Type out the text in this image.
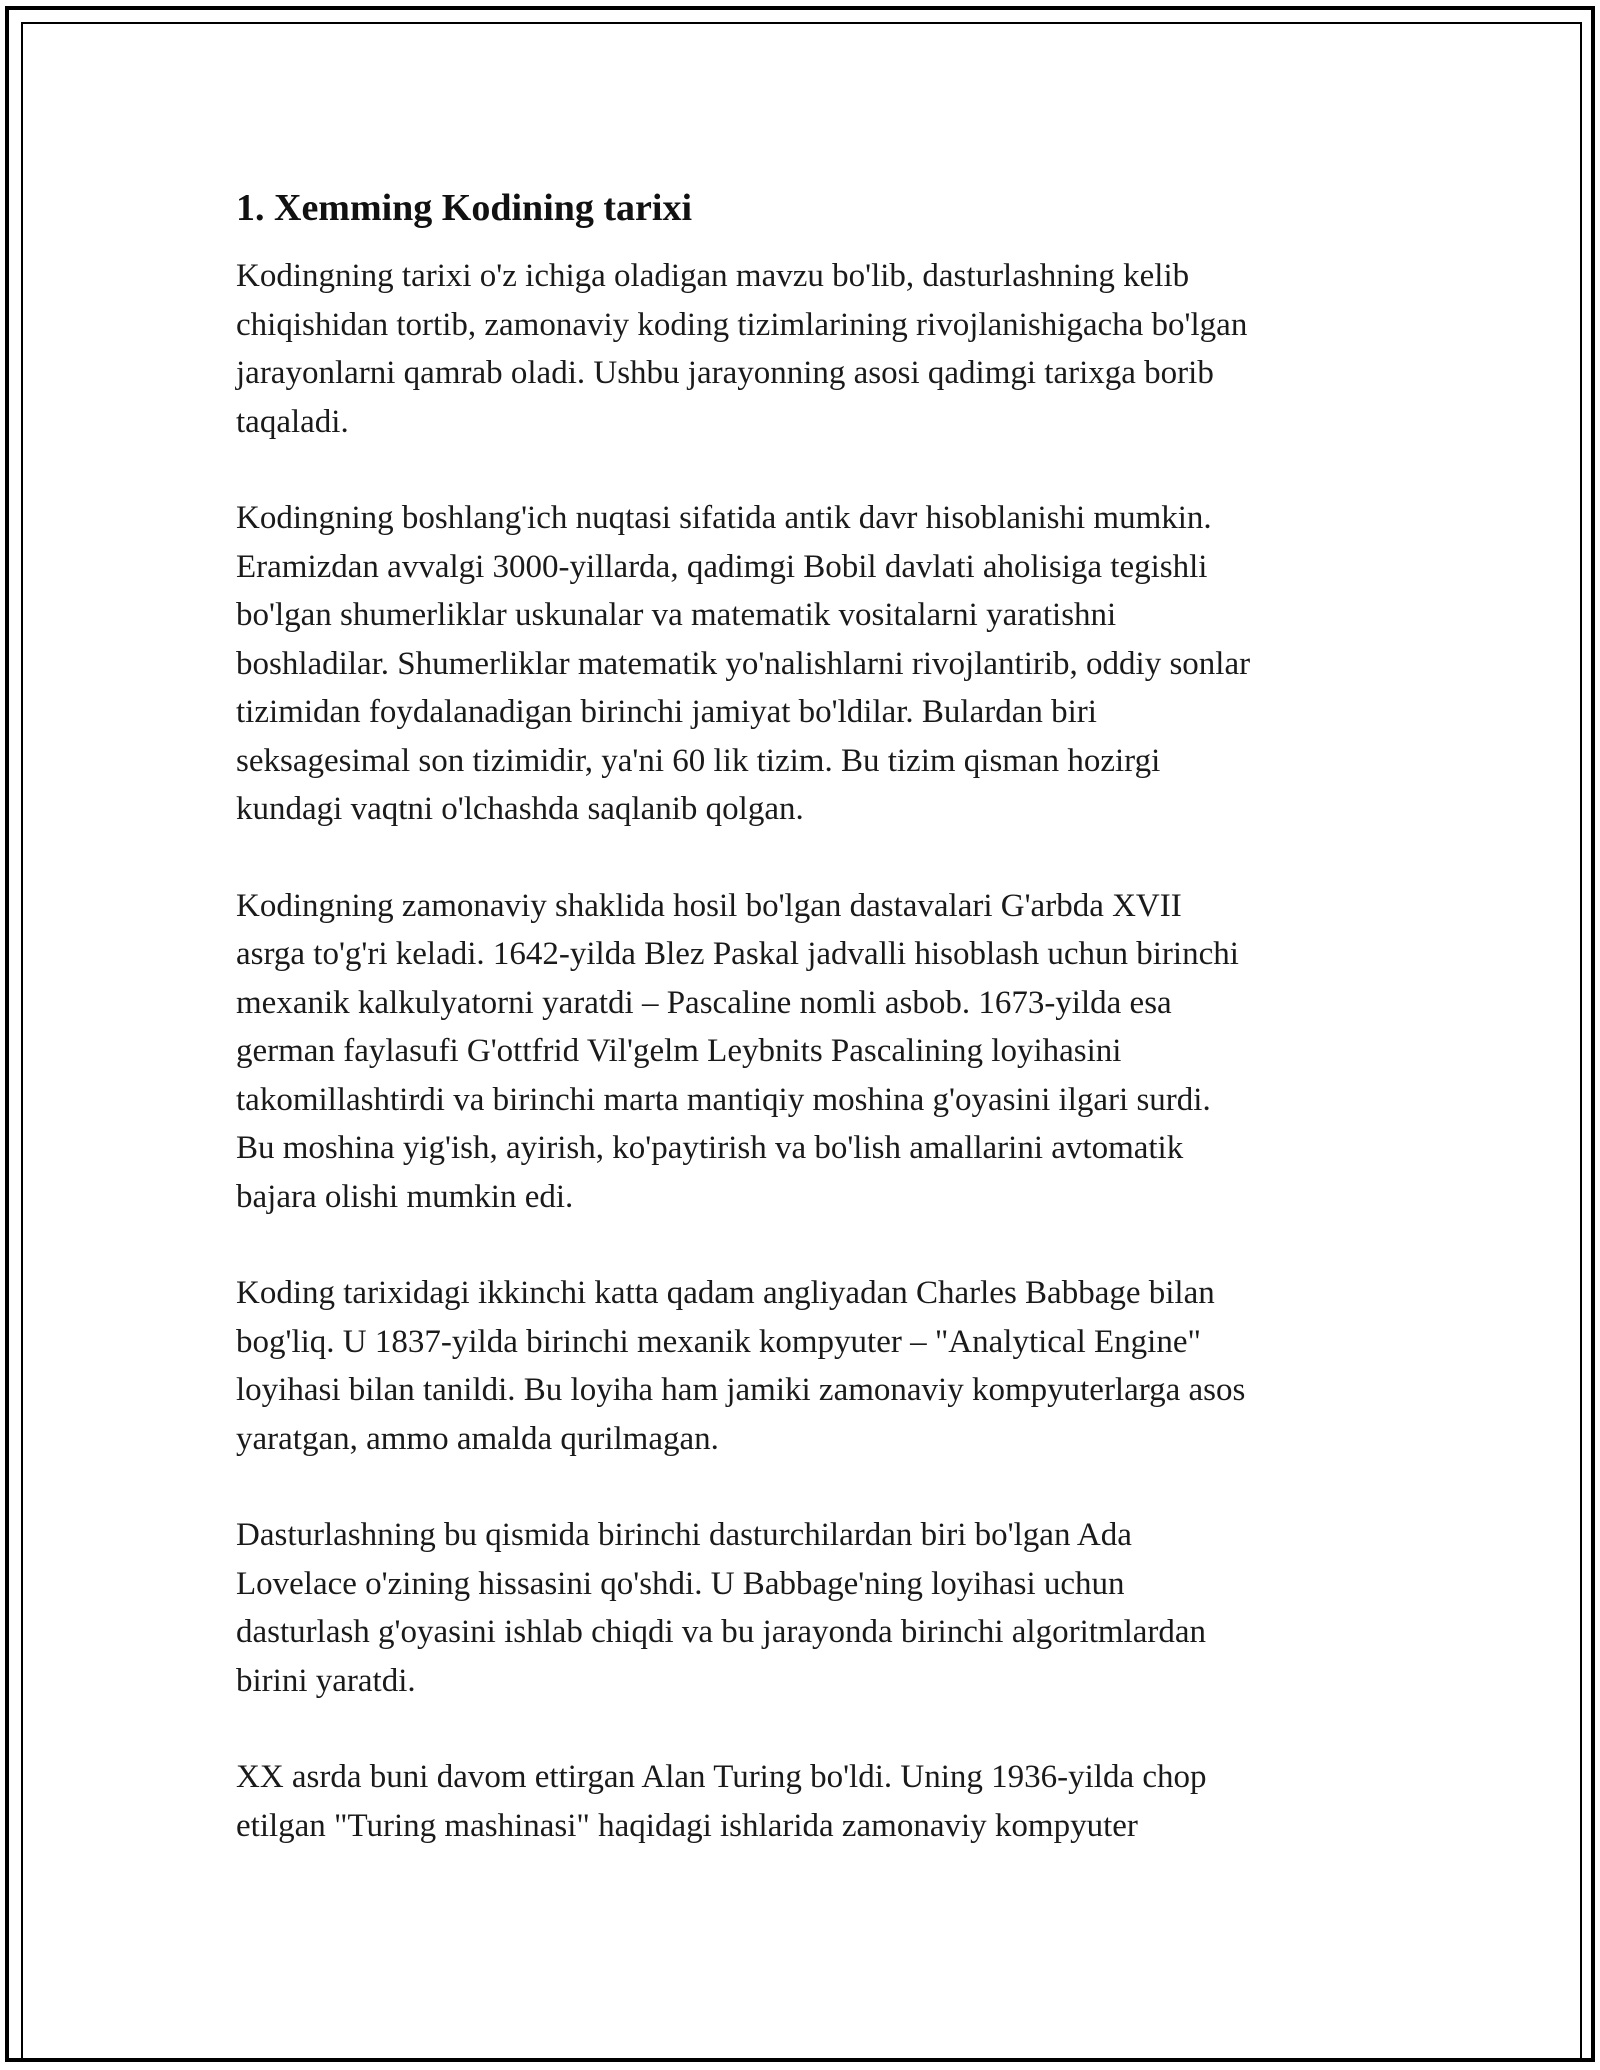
1. Xemming Kodining tarixi

Kodingning tarixi o'z ichiga oladigan mavzu bo'lib, dasturlashning kelib
chiqishidan tortib, zamonaviy koding tizimlarining rivojlanishigacha bo'lgan
jarayonlarni qamrab oladi. Ushbu jarayonning asosi qadimgi tarixga borib
taqaladi.

Kodingning boshlang'ich nuqtasi sifatida antik davr hisoblanishi mumkin.
Eramizdan avvalgi 3000-yillarda, qadimgi Bobil davlati aholisiga tegishli
bo'lgan shumerliklar uskunalar va matematik vositalarni yaratishni
boshladilar. Shumerliklar matematik yo'nalishlarni rivojlantirib, oddiy sonlar
tizimidan foydalanadigan birinchi jamiyat bo'ldilar. Bulardan biri
seksagesimal son tizimidir, ya'ni 60 lik tizim. Bu tizim qisman hozirgi
kundagi vaqtni o'lchashda saqlanib qolgan.

Kodingning zamonaviy shaklida hosil bo'lgan dastavalari G'arbda XVII
asrga to'g'ri keladi. 1642-yilda Blez Paskal jadvalli hisoblash uchun birinchi
mexanik kalkulyatorni yaratdi – Pascaline nomli asbob. 1673-yilda esa
german faylasufi G'ottfrid Vil'gelm Leybnits Pascalining loyihasini
takomillashtirdi va birinchi marta mantiqiy moshina g'oyasini ilgari surdi.
Bu moshina yig'ish, ayirish, ko'paytirish va bo'lish amallarini avtomatik
bajara olishi mumkin edi.

Koding tarixidagi ikkinchi katta qadam angliyadan Charles Babbage bilan
bog'liq. U 1837-yilda birinchi mexanik kompyuter – "Analytical Engine"
loyihasi bilan tanildi. Bu loyiha ham jamiki zamonaviy kompyuterlarga asos
yaratgan, ammo amalda qurilmagan.

Dasturlashning bu qismida birinchi dasturchilardan biri bo'lgan Ada
Lovelace o'zining hissasini qo'shdi. U Babbage'ning loyihasi uchun
dasturlash g'oyasini ishlab chiqdi va bu jarayonda birinchi algoritmlardan
birini yaratdi.

XX asrda buni davom ettirgan Alan Turing bo'ldi. Uning 1936-yilda chop
etilgan "Turing mashinasi" haqidagi ishlarida zamonaviy kompyuter
